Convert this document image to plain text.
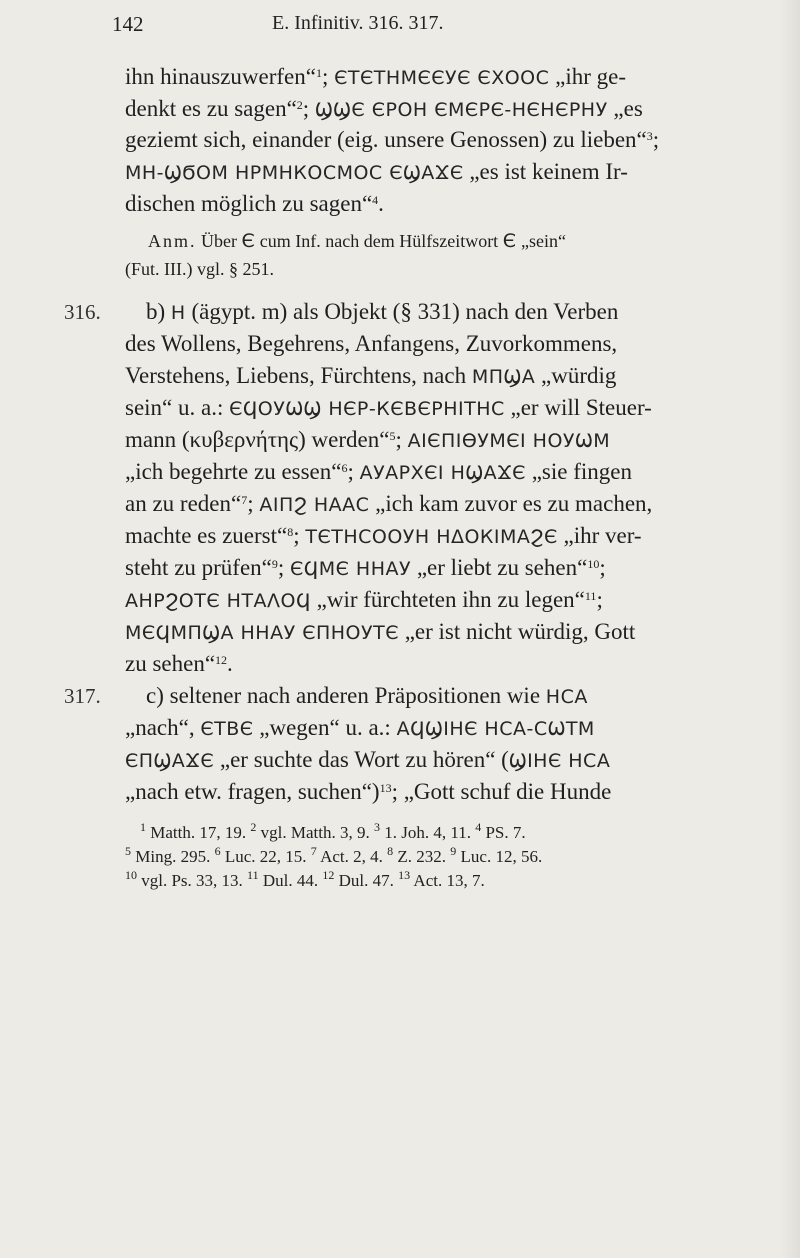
142	E. Infinitiv. 316. 317.
ihn hinauszuwerfen“$^1$; ЄТЄТНМЄЄУЄ ЄХООС „ihr ge-
denkt es zu sagen“$^2$; ϢϢЄ ЄРОН ЄМЄРЄ-НЄНЄРНУ „es
geziemt sich, einander (eig. unsere Genossen) zu lieben“$^3$;
МН-ϢϬОМ НРМНКОСМОС ЄϢАϪЄ „es ist keinem Ir-
dischen möglich zu sagen“$^4$.
Anm. Über Є cum Inf. nach dem Hülfszeitwort Є „sein“
(Fut. III.) vgl. § 251.
316. b) Н (ägypt. m) als Objekt (§ 331) nach den Verben
des Wollens, Begehrens, Anfangens, Zuvorkommens,
Verstehens, Liebens, Fürchtens, nach МПϢА „würdig
sein“ u. a.: ЄϤОУѠϢ НЄР-КЄВЄРНІТНС „er will Steuer-
mann (κυβερνήτης) werden“$^5$; АІЄПІѲУМЄІ НОУѠМ
„ich begehrte zu essen“$^6$; АУАРХЄІ НϢАϪЄ „sie fingen
an zu reden“$^7$; АІПϨ НААС „ich kam zuvor es zu machen,
machte es zuerst“$^8$; ТЄТНСООУН НΔОКІМАϨЄ „ihr ver-
steht zu prüfen“$^9$; ЄϤМЄ ННАУ „er liebt zu sehen“$^{10}$;
АНРϨОТЄ НТАΛОϤ „wir fürchteten ihn zu legen“$^{11}$;
МЄϤМПϢА ННАУ ЄПНОУТЄ „er ist nicht würdig, Gott
zu sehen“$^{12}$.
317. c) seltener nach anderen Präpositionen wie НСА
„nach“, ЄТВЄ „wegen“ u. a.: АϤϢІНЄ НСА-СѠТМ
ЄПϢАϪЄ „er suchte das Wort zu hören“ (ϢІНЄ НСА
„nach etw. fragen, suchen“)$^{13}$; „Gott schuf die Hunde
$^1$ Matth. 17, 19. $^2$ vgl. Matth. 3, 9. $^3$ 1. Joh. 4, 11. $^4$ PS. 7.
$^5$ Ming. 295. $^6$ Luc. 22, 15. $^7$ Act. 2, 4. $^8$ Z. 232. $^9$ Luc. 12, 56.
$^{10}$ vgl. Ps. 33, 13. $^{11}$ Dul. 44. $^{12}$ Dul. 47. $^{13}$ Act. 13, 7.
